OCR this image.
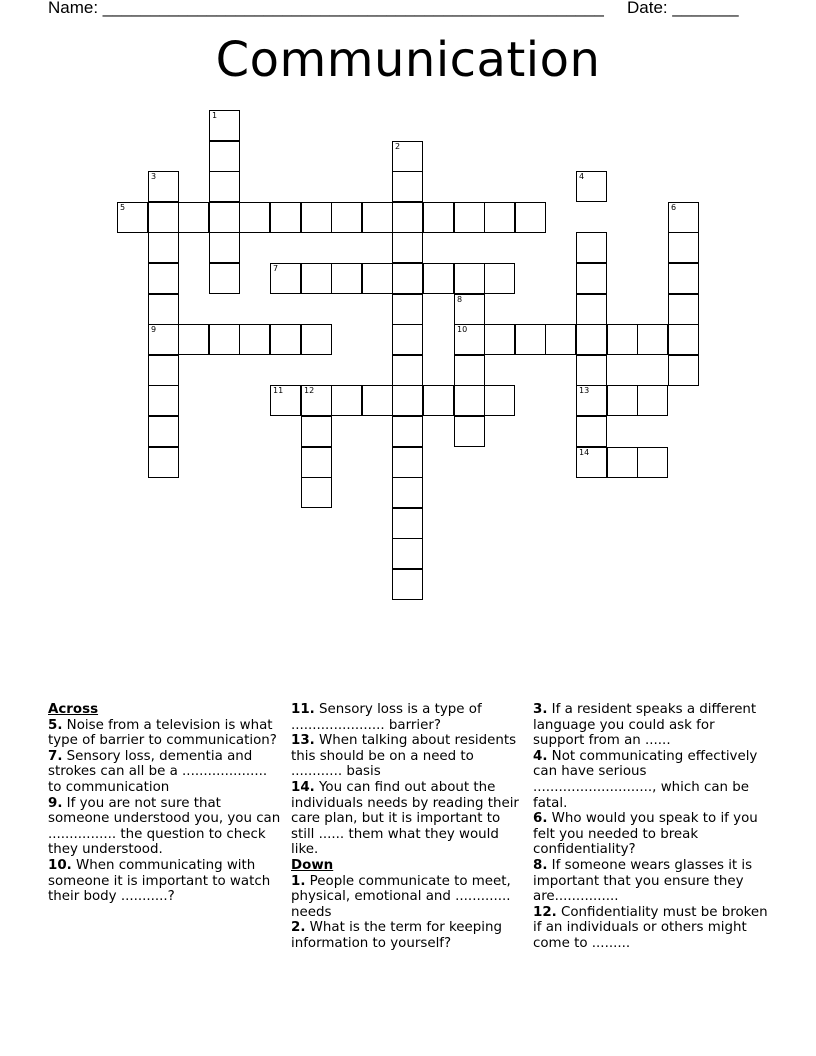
Name: _____________________________________________________ Date: _______
Communication
5
1
2
3
9
7
10
11	12	13
14
4
6
8
Across
5. Noise from a television is what type of barrier to communication?
7. Sensory loss, dementia and strokes can all be a .................... to communication
9. If you are not sure that someone understood you, you can ................ the question to check they understood.
10. When communicating with someone it is important to watch their body ...........?
11. Sensory loss is a type of ...................... barrier?
13. When talking about residents this should be on a need to ............ basis
14. You can find out about the individuals needs by reading their care plan, but it is important to still ...... them what they would like.
Down
1. People communicate to meet, physical, emotional and ............. needs
2. What is the term for keeping information to yourself?
3. If a resident speaks a different language you could ask for support from an ......
4. Not communicating effectively can have serious ............................, which can be fatal.
6. Who would you speak to if you felt you needed to break confidentiality?
8. If someone wears glasses it is important that you ensure they are...............
12. Confidentiality must be broken if an individuals or others might come to .........
